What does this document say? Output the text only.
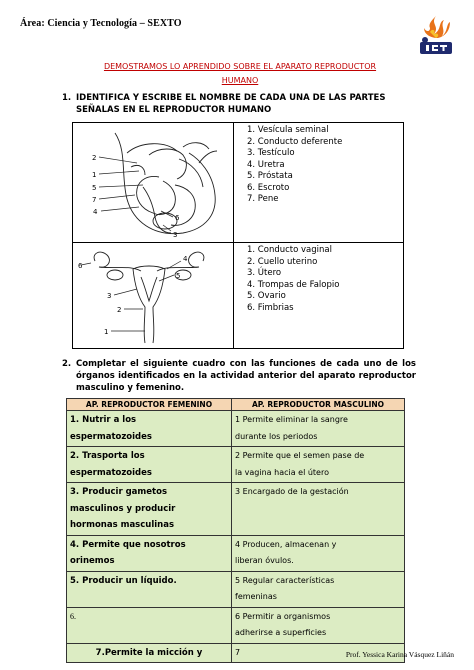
Área: Ciencia y Tecnología – SEXTO
DEMOSTRAMOS LO APRENDIDO SOBRE EL APARATO REPRODUCTOR
HUMANO
1. IDENTIFICA Y ESCRIBE EL NOMBRE DE CADA UNA DE LAS PARTES SEÑALAS EN EL REPRODUCTOR HUMANO
2
1
5
7
4
6
3
1. Vesícula seminal
2. Conducto deferente
3. Testículo
4. Uretra
5. Próstata
6. Escroto
7. Pene
6
4
5
3
2
1
1. Conducto vaginal
2. Cuello uterino
3. Útero
4. Trompas de Falopio
5. Ovario
6. Fimbrias
2. Completar el siguiente cuadro con las funciones de cada uno de los órganos identificados en la actividad anterior del aparato reproductor masculino y femenino.
AP. REPRODUCTOR FEMENINO	AP. REPRODUCTOR MASCULINO

1. Nutrir a los
espermatozoides	1 Permite eliminar la sangre
durante los periodos

2. Trasporta los
espermatozoides	2 Permite que el semen pase de
la vagina hacia el útero

3. Producir gametos
masculinos y producir
hormonas masculinas	3 Encargado de la gestación

4. Permite que nosotros
orinemos	4 Producen, almacenan y
liberan óvulos.

5. Producir un líquido.	5 Regular características
femeninas

6.	6 Permitir a organismos
adherirse a superficies

7.Permite la micción y	7	Prof. Yessica Karina Vásquez Liñán
